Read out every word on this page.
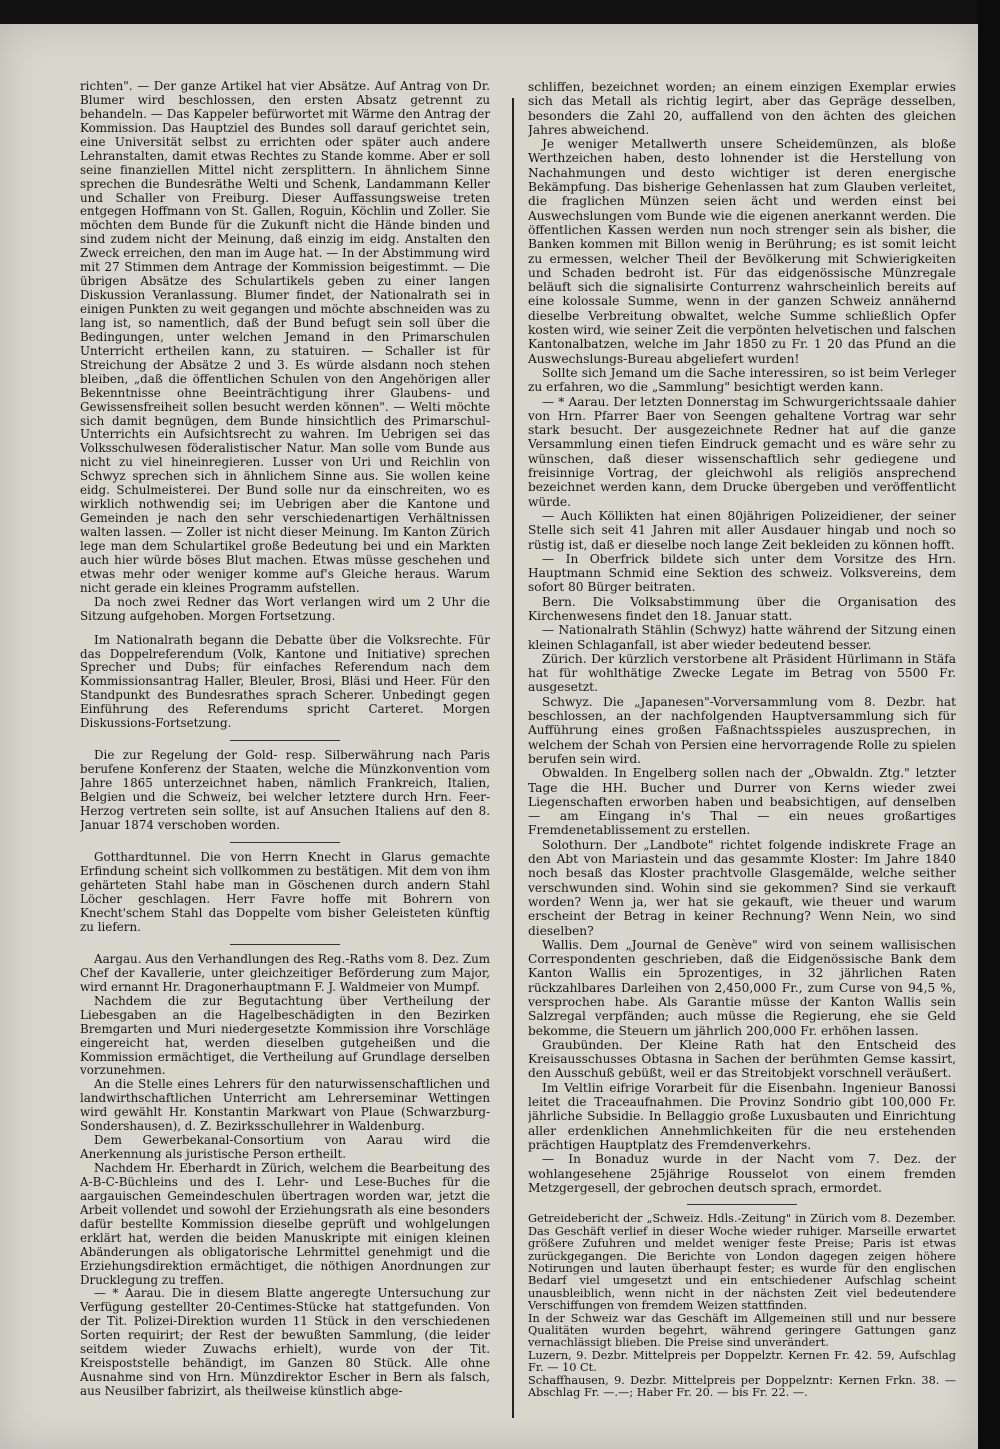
richten". — Der ganze Artikel hat vier Absätze. Auf Antrag von Dr. Blumer wird beschlossen, den ersten Absatz getrennt zu behandeln. — Das Kappeler befürwortet mit Wärme den Antrag der Kommission. Das Hauptziel des Bundes soll darauf gerichtet sein, eine Universität selbst zu errichten oder später auch andere Lehranstalten, damit etwas Rechtes zu Stande komme. Aber er soll seine finanziellen Mittel nicht zersplittern. In ähnlichem Sinne sprechen die Bundesräthe Welti und Schenk, Landammann Keller und Schaller von Freiburg. Dieser Auffassungsweise treten entgegen Hoffmann von St. Gallen, Roguin, Köchlin und Zoller. Sie möchten dem Bunde für die Zukunft nicht die Hände binden und sind zudem nicht der Meinung, daß einzig im eidg. Anstalten den Zweck erreichen, den man im Auge hat. — In der Abstimmung wird mit 27 Stimmen dem Antrage der Kommission beigestimmt. — Die übrigen Absätze des Schulartikels geben zu einer langen Diskussion Veranlassung. Blumer findet, der Nationalrath sei in einigen Punkten zu weit gegangen und möchte abschneiden was zu lang ist, so namentlich, daß der Bund befugt sein soll über die Bedingungen, unter welchen Jemand in den Primarschulen Unterricht ertheilen kann, zu statuiren. — Schaller ist für Streichung der Absätze 2 und 3. Es würde alsdann noch stehen bleiben, „daß die öffentlichen Schulen von den Angehörigen aller Bekenntnisse ohne Beeinträchtigung ihrer Glaubens- und Gewissensfreiheit sollen besucht werden können". — Welti möchte sich damit begnügen, dem Bunde hinsichtlich des Primarschul-Unterrichts ein Aufsichtsrecht zu wahren. Im Uebrigen sei das Volksschulwesen föderalistischer Natur. Man solle vom Bunde aus nicht zu viel hineinregieren. Lusser von Uri und Reichlin von Schwyz sprechen sich in ähnlichem Sinne aus. Sie wollen keine eidg. Schulmeisterei. Der Bund solle nur da einschreiten, wo es wirklich nothwendig sei; im Uebrigen aber die Kantone und Gemeinden je nach den sehr verschiedenartigen Verhältnissen walten lassen. — Zoller ist nicht dieser Meinung. Im Kanton Zürich lege man dem Schulartikel große Bedeutung bei und ein Markten auch hier würde böses Blut machen. Etwas müsse geschehen und etwas mehr oder weniger komme auf's Gleiche heraus. Warum nicht gerade ein kleines Programm aufstellen.

Da noch zwei Redner das Wort verlangen wird um 2 Uhr die Sitzung aufgehoben. Morgen Fortsetzung.

Im Nationalrath begann die Debatte über die Volksrechte. Für das Doppelreferendum (Volk, Kantone und Initiative) sprechen Sprecher und Dubs; für einfaches Referendum nach dem Kommissionsantrag Haller, Bleuler, Brosi, Bläsi und Heer. Für den Standpunkt des Bundesrathes sprach Scherer. Unbedingt gegen Einführung des Referendums spricht Carteret. Morgen Diskussions-Fortsetzung.

Die zur Regelung der Gold- resp. Silberwährung nach Paris berufene Konferenz der Staaten, welche die Münzkonvention vom Jahre 1865 unterzeichnet haben, nämlich Frankreich, Italien, Belgien und die Schweiz, bei welcher letztere durch Hrn. Feer-Herzog vertreten sein sollte, ist auf Ansuchen Italiens auf den 8. Januar 1874 verschoben worden.

Gotthardtunnel. Die von Herrn Knecht in Glarus gemachte Erfindung scheint sich vollkommen zu bestätigen. Mit dem von ihm gehärteten Stahl habe man in Göschenen durch andern Stahl Löcher geschlagen. Herr Favre hoffe mit Bohrern von Knecht'schem Stahl das Doppelte vom bisher Geleisteten künftig zu liefern.

Aargau. Aus den Verhandlungen des Reg.-Raths vom 8. Dez. Zum Chef der Kavallerie, unter gleichzeitiger Beförderung zum Major, wird ernannt Hr. Dragonerhauptmann F. J. Waldmeier von Mumpf.

Nachdem die zur Begutachtung über Vertheilung der Liebesgaben an die Hagelbeschädigten in den Bezirken Bremgarten und Muri niedergesetzte Kommission ihre Vorschläge eingereicht hat, werden dieselben gutgeheißen und die Kommission ermächtiget, die Vertheilung auf Grundlage derselben vorzunehmen.

An die Stelle eines Lehrers für den naturwissenschaftlichen und landwirthschaftlichen Unterricht am Lehrerseminar Wettingen wird gewählt Hr. Konstantin Markwart von Plaue (Schwarzburg-Sondershausen), d. Z. Bezirksschullehrer in Waldenburg.

Dem Gewerbekanal-Consortium von Aarau wird die Anerkennung als juristische Person ertheilt.

Nachdem Hr. Eberhardt in Zürich, welchem die Bearbeitung des A-B-C-Büchleins und des I. Lehr- und Lese-Buches für die aargauischen Gemeindeschulen übertragen worden war, jetzt die Arbeit vollendet und sowohl der Erziehungsrath als eine besonders dafür bestellte Kommission dieselbe geprüft und wohlgelungen erklärt hat, werden die beiden Manuskripte mit einigen kleinen Abänderungen als obligatorische Lehrmittel genehmigt und die Erziehungsdirektion ermächtiget, die nöthigen Anordnungen zur Drucklegung zu treffen.

— * Aarau. Die in diesem Blatte angeregte Untersuchung zur Verfügung gestellter 20-Centimes-Stücke hat stattgefunden. Von der Tit. Polizei-Direktion wurden 11 Stück in den verschiedenen Sorten requirirt; der Rest der bewußten Sammlung, (die leider seitdem wieder Zuwachs erhielt), wurde von der Tit. Kreispoststelle behändigt, im Ganzen 80 Stück. Alle ohne Ausnahme sind von Hrn. Münzdirektor Escher in Bern als falsch, aus Neusilber fabrizirt, als theilweise künstlich abge-

schliffen, bezeichnet worden; an einem einzigen Exemplar erwies sich das Metall als richtig legirt, aber das Gepräge desselben, besonders die Zahl 20, auffallend von den ächten des gleichen Jahres abweichend.

Je weniger Metallwerth unsere Scheidemünzen, als bloße Werthzeichen haben, desto lohnender ist die Herstellung von Nachahmungen und desto wichtiger ist deren energische Bekämpfung. Das bisherige Gehenlassen hat zum Glauben verleitet, die fraglichen Münzen seien ächt und werden einst bei Auswechslungen vom Bunde wie die eigenen anerkannt werden. Die öffentlichen Kassen werden nun noch strenger sein als bisher, die Banken kommen mit Billon wenig in Berührung; es ist somit leicht zu ermessen, welcher Theil der Bevölkerung mit Schwierigkeiten und Schaden bedroht ist. Für das eidgenössische Münzregale beläuft sich die signalisirte Conturrenz wahrscheinlich bereits auf eine kolossale Summe, wenn in der ganzen Schweiz annähernd dieselbe Verbreitung obwaltet, welche Summe schließlich Opfer kosten wird, wie seiner Zeit die verpönten helvetischen und falschen Kantonalbatzen, welche im Jahr 1850 zu Fr. 1 20 das Pfund an die Auswechslungs-Bureau abgeliefert wurden!

Sollte sich Jemand um die Sache interessiren, so ist beim Verleger zu erfahren, wo die „Sammlung" besichtigt werden kann.

— * Aarau. Der letzten Donnerstag im Schwurgerichtssaale dahier von Hrn. Pfarrer Baer von Seengen gehaltene Vortrag war sehr stark besucht. Der ausgezeichnete Redner hat auf die ganze Versammlung einen tiefen Eindruck gemacht und es wäre sehr zu wünschen, daß dieser wissenschaftlich sehr gediegene und freisinnige Vortrag, der gleichwohl als religiös ansprechend bezeichnet werden kann, dem Drucke übergeben und veröffentlicht würde.

— Auch Köllikten hat einen 80jährigen Polizeidiener, der seiner Stelle sich seit 41 Jahren mit aller Ausdauer hingab und noch so rüstig ist, daß er dieselbe noch lange Zeit bekleiden zu können hofft.

— In Oberfrick bildete sich unter dem Vorsitze des Hrn. Hauptmann Schmid eine Sektion des schweiz. Volksvereins, dem sofort 80 Bürger beitraten.

Bern. Die Volksabstimmung über die Organisation des Kirchenwesens findet den 18. Januar statt.

— Nationalrath Stählin (Schwyz) hatte während der Sitzung einen kleinen Schlaganfall, ist aber wieder bedeutend besser.

Zürich. Der kürzlich verstorbene alt Präsident Hürlimann in Stäfa hat für wohlthätige Zwecke Legate im Betrag von 5500 Fr. ausgesetzt.

Schwyz. Die „Japanesen"-Vorversammlung vom 8. Dezbr. hat beschlossen, an der nachfolgenden Hauptversammlung sich für Aufführung eines großen Faßnachtsspieles auszusprechen, in welchem der Schah von Persien eine hervorragende Rolle zu spielen berufen sein wird.

Obwalden. In Engelberg sollen nach der „Obwaldn. Ztg." letzter Tage die HH. Bucher und Durrer von Kerns wieder zwei Liegenschaften erworben haben und beabsichtigen, auf denselben — am Eingang in's Thal — ein neues großartiges Fremdenetablissement zu erstellen.

Solothurn. Der „Landbote" richtet folgende indiskrete Frage an den Abt von Mariastein und das gesammte Kloster: Im Jahre 1840 noch besaß das Kloster prachtvolle Glasgemälde, welche seither verschwunden sind. Wohin sind sie gekommen? Sind sie verkauft worden? Wenn ja, wer hat sie gekauft, wie theuer und warum erscheint der Betrag in keiner Rechnung? Wenn Nein, wo sind dieselben?

Wallis. Dem „Journal de Genève" wird von seinem wallisischen Correspondenten geschrieben, daß die Eidgenössische Bank dem Kanton Wallis ein 5prozentiges, in 32 jährlichen Raten rückzahlbares Darleihen von 2,450,000 Fr., zum Curse von 94,5 %, versprochen habe. Als Garantie müsse der Kanton Wallis sein Salzregal verpfänden; auch müsse die Regierung, ehe sie Geld bekomme, die Steuern um jährlich 200,000 Fr. erhöhen lassen.

Graubünden. Der Kleine Rath hat den Entscheid des Kreisausschusses Obtasna in Sachen der berühmten Gemse kassirt, den Ausschuß gebüßt, weil er das Streitobjekt vorschnell veräußert.

Im Veltlin eifrige Vorarbeit für die Eisenbahn. Ingenieur Banossi leitet die Traceaufnahmen. Die Provinz Sondrio gibt 100,000 Fr. jährliche Subsidie. In Bellaggio große Luxusbauten und Einrichtung aller erdenklichen Annehmlichkeiten für die neu erstehenden prächtigen Hauptplatz des Fremdenverkehrs.

— In Bonaduz wurde in der Nacht vom 7. Dez. der wohlangesehene 25jährige Rousselot von einem fremden Metzgergesell, der gebrochen deutsch sprach, ermordet.

Getreidebericht der „Schweiz. Hdls.-Zeitung" in Zürich vom 8. Dezember. Das Geschäft verlief in dieser Woche wieder ruhiger. Marseille erwartet größere Zufuhren und meldet weniger feste Preise; Paris ist etwas zurückgegangen. Die Berichte von London dagegen zeigen höhere Notirungen und lauten überhaupt fester; es wurde für den englischen Bedarf viel umgesetzt und ein entschiedener Aufschlag scheint unausbleiblich, wenn nicht in der nächsten Zeit viel bedeutendere Verschiffungen von fremdem Weizen stattfinden.

In der Schweiz war das Geschäft im Allgemeinen still und nur bessere Qualitäten wurden begehrt, während geringere Gattungen ganz vernachlässigt blieben. Die Preise sind unverändert.

Luzern, 9. Dezbr. Mittelpreis per Doppelztr. Kernen Fr. 42. 59, Aufschlag Fr. — 10 Ct.

Schaffhausen, 9. Dezbr. Mittelpreis per Doppelzntr: Kernen Frkn. 38. — Abschlag Fr. —.—; Haber Fr. 20. — bis Fr. 22. —.
